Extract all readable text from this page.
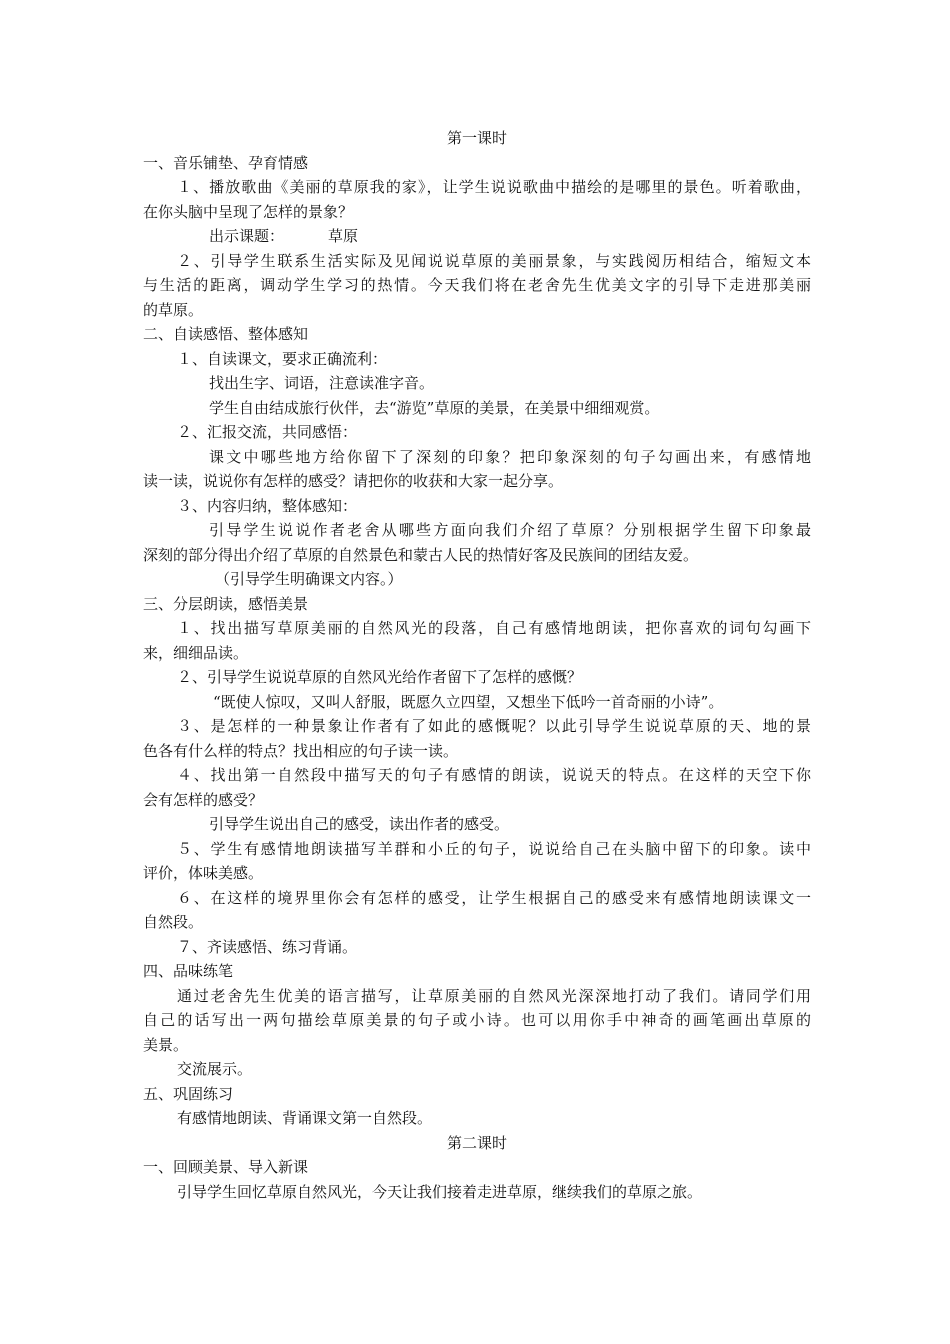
第一课时
一、音乐铺垫、孕育情感
１、播放歌曲《美丽的草原我的家》，让学生说说歌曲中描绘的是哪里的景色。听着歌曲，
在你头脑中呈现了怎样的景象？
出示课题：	草原
２、引导学生联系生活实际及见闻说说草原的美丽景象，与实践阅历相结合，缩短文本
与生活的距离，调动学生学习的热情。今天我们将在老舍先生优美文字的引导下走进那美丽
的草原。
二、自读感悟、整体感知
１、自读课文，要求正确流利：
找出生字、词语，注意读准字音。
学生自由结成旅行伙伴，去“游览”草原的美景，在美景中细细观赏。
２、汇报交流，共同感悟：
课文中哪些地方给你留下了深刻的印象？把印象深刻的句子勾画出来，有感情地
读一读，说说你有怎样的感受？请把你的收获和大家一起分享。
３、内容归纳，整体感知：
引导学生说说作者老舍从哪些方面向我们介绍了草原？分别根据学生留下印象最
深刻的部分得出介绍了草原的自然景色和蒙古人民的热情好客及民族间的团结友爱。
（引导学生明确课文内容。）
三、分层朗读，感悟美景
１、找出描写草原美丽的自然风光的段落，自己有感情地朗读，把你喜欢的词句勾画下
来，细细品读。
２、引导学生说说草原的自然风光给作者留下了怎样的感慨？
“既使人惊叹，又叫人舒服，既愿久立四望，又想坐下低吟一首奇丽的小诗”。
３、是怎样的一种景象让作者有了如此的感慨呢？以此引导学生说说草原的天、地的景
色各有什么样的特点？找出相应的句子读一读。
４、找出第一自然段中描写天的句子有感情的朗读，说说天的特点。在这样的天空下你
会有怎样的感受？
引导学生说出自己的感受，读出作者的感受。
５、学生有感情地朗读描写羊群和小丘的句子，说说给自己在头脑中留下的印象。读中
评价，体味美感。
６、在这样的境界里你会有怎样的感受，让学生根据自己的感受来有感情地朗读课文一
自然段。
７、齐读感悟、练习背诵。
四、品味练笔
通过老舍先生优美的语言描写，让草原美丽的自然风光深深地打动了我们。请同学们用
自己的话写出一两句描绘草原美景的句子或小诗。也可以用你手中神奇的画笔画出草原的
美景。
交流展示。
五、巩固练习
有感情地朗读、背诵课文第一自然段。
第二课时
一、回顾美景、导入新课
引导学生回忆草原自然风光，今天让我们接着走进草原，继续我们的草原之旅。
